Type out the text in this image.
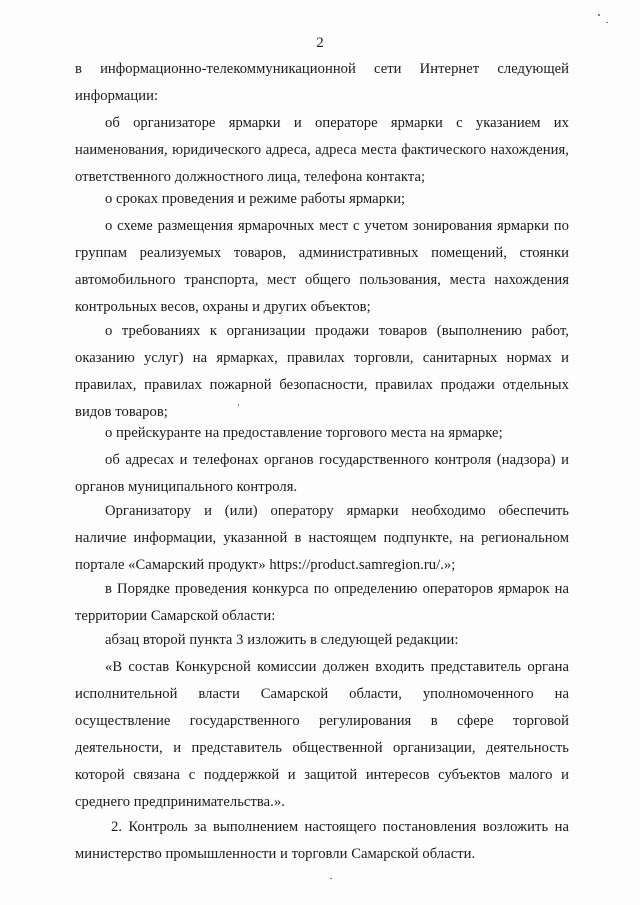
2

в информационно-телекоммуникационной сети Интернет следующей информации:

об организаторе ярмарки и операторе ярмарки с указанием их наименования, юридического адреса, адреса места фактического нахождения, ответственного должностного лица, телефона контакта;

о сроках проведения и режиме работы ярмарки;

о схеме размещения ярмарочных мест с учетом зонирования ярмарки по группам реализуемых товаров, административных помещений, стоянки автомобильного транспорта, мест общего пользования, места нахождения контрольных весов, охраны и других объектов;

о требованиях к организации продажи товаров (выполнению работ, оказанию услуг) на ярмарках, правилах торговли, санитарных нормах и правилах, правилах пожарной безопасности, правилах продажи отдельных видов товаров;

о прейскуранте на предоставление торгового места на ярмарке;

об адресах и телефонах органов государственного контроля (надзора) и органов муниципального контроля.

Организатору и (или) оператору ярмарки необходимо обеспечить наличие информации, указанной в настоящем подпункте, на региональном портале «Самарский продукт» https://product.samregion.ru/.»;

в Порядке проведения конкурса по определению операторов ярмарок на территории Самарской области:

абзац второй пункта 3 изложить в следующей редакции:

«В состав Конкурсной комиссии должен входить представитель органа исполнительной власти Самарской области, уполномоченного на осуществление государственного регулирования в сфере торговой деятельности, и представитель общественной организации, деятельность которой связана с поддержкой и защитой интересов субъектов малого и среднего предпринимательства.».

2. Контроль за выполнением настоящего постановления возложить на министерство промышленности и торговли Самарской области.
